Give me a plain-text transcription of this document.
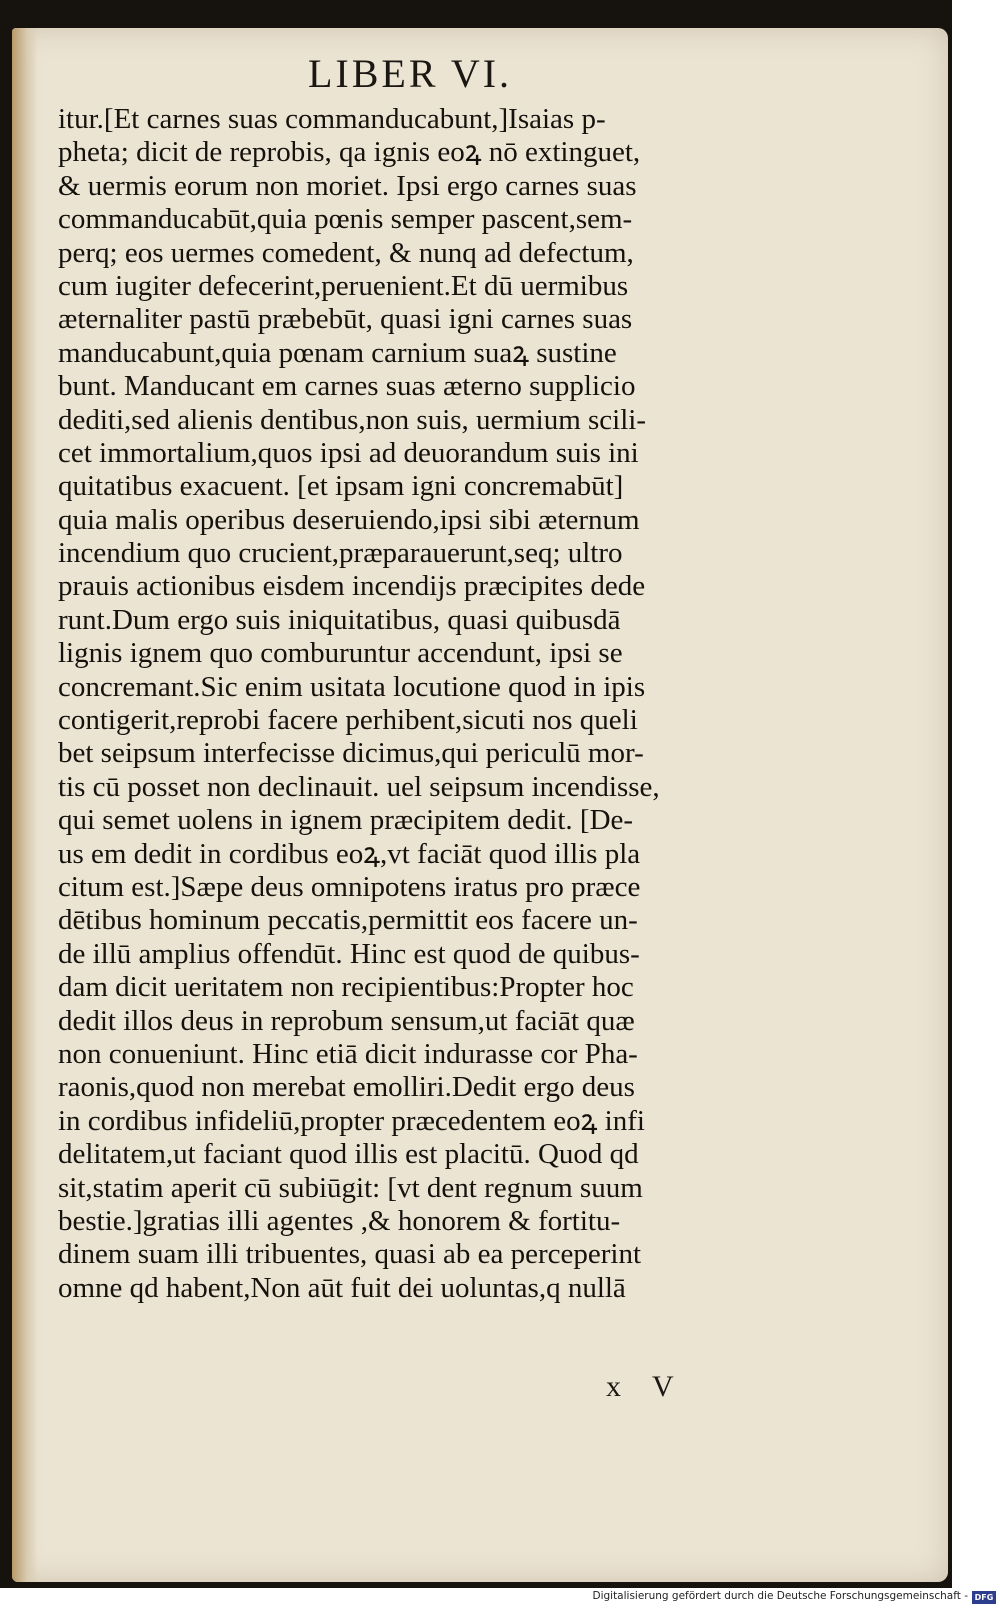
LIBER VI.
itur.[Et carnes suas commanducabunt,]Isaias p-
pheta; dicit de reprobis, qa ignis eoꝝ nō extinguet,
& uermis eorum non moriet. Ipsi ergo carnes suas
commanducabūt,quia pœnis semper pascent,sem-
perq; eos uermes comedent, & nunq ad defectum,
cum iugiter defecerint,peruenient.Et dū uermibus
æternaliter pastū præbebūt, quasi igni carnes suas
manducabunt,quia pœnam carnium suaꝝ sustine
bunt. Manducant em carnes suas æterno supplicio
dediti,sed alienis dentibus,non suis, uermium scili-
cet immortalium,quos ipsi ad deuorandum suis ini
quitatibus exacuent. [et ipsam igni concremabūt]
quia malis operibus deseruiendo,ipsi sibi æternum
incendium quo crucient,præparauerunt,seq; ultro
prauis actionibus eisdem incendijs præcipites dede
runt.Dum ergo suis iniquitatibus, quasi quibusdā
lignis ignem quo comburuntur accendunt, ipsi se
concremant.Sic enim usitata locutione quod in ipis
contigerit,reprobi facere perhibent,sicuti nos queli
bet seipsum interfecisse dicimus,qui periculū mor-
tis cū posset non declinauit. uel seipsum incendisse,
qui semet uolens in ignem præcipitem dedit. [De-
us em dedit in cordibus eoꝝ,vt faciāt quod illis pla
citum est.]Sæpe deus omnipotens iratus pro præce
dētibus hominum peccatis,permittit eos facere un-
de illū amplius offendūt. Hinc est quod de quibus-
dam dicit ueritatem non recipientibus:Propter hoc
dedit illos deus in reprobum sensum,ut faciāt quæ
non conueniunt. Hinc etiā dicit indurasse cor Pha-
raonis,quod non merebat emolliri.Dedit ergo deus
in cordibus infideliū,propter præcedentem eoꝝ infi
delitatem,ut faciant quod illis est placitū. Quod qd
sit,statim aperit cū subiūgit: [vt dent regnum suum
bestie.]gratias illi agentes ,& honorem & fortitu-
dinem suam illi tribuentes, quasi ab ea perceperint
omne qd habent,Non aūt fuit dei uoluntas,q nullā
x V
Digitalisierung gefördert durch die Deutsche Forschungsgemeinschaft - DFG
